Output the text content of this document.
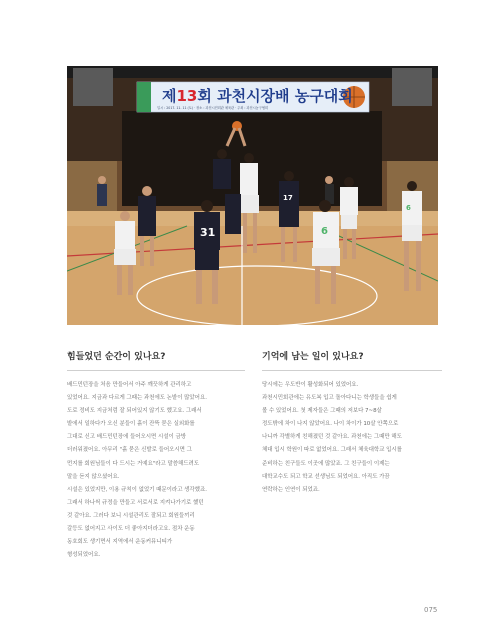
제13회 과천시장배 농구대회
일시 : 2017. 11. 11 (토) · 장소 : 과천시민회관 체육관 · 주최 : 과천시농구협회
31
17
6
6
힘들었던 순간이 있나요?

배드민턴장을 처음 만들어서 아주 깨끗하게 관리하고

있었어요. 지금과 다르게 그때는 과천에도 논밭이 많았어요.

도로 정비도 지금처럼 잘 되어있지 않기도 했고요. 그래서

밭에서 일하다가 오신 분들이 흙이 잔뜩 묻은 실외화를

그대로 신고 배드민턴장에 들어오시면 시설이 금방

더러워졌어요. 아무리 "흙 묻은 신발로 들어오시면 그

먼지를 회원님들이 다 드시는 거예요"라고 말씀해드려도

말을 듣지 않으셨어요.

시설은 있었지만, 이용 규칙이 없었기 때문이라고 생각했죠.

그래서 하나씩 규정을 만들고 서로서로 지켜나가기로 했던

것 같아요. 그러다 보니 시설관리도 잘되고 회원들끼리

갈등도 없어지고 사이도 더 좋아지더라고요. 점차 운동

동호회도 생기면서 지역에서 운동커뮤니티가

형성되었어요.

기억에 남는 일이 있나요?

당시에는 우도반이 활성화되어 있었어요.

과천시민회관에는 유도복 입고 돌아다니는 학생들을 쉽게

볼 수 있었어요. 첫 제자들은 그때의 저보다 7~8살

정도밖에 차이 나지 않았어요. 나이 차이가 10살 안쪽으로

나니까 각별하게 친해졌던 것 같아요. 과천에는 그때만 해도

체대 입시 학원이 따로 없었어요. 그래서 체육대학교 입시를

준비하는 친구들도 이곳에 많았죠. 그 친구들이 이제는

대학교수도 되고 학교 선생님도 되었어요. 아직도 가끔

연락하는 인연이 되었죠.

075
